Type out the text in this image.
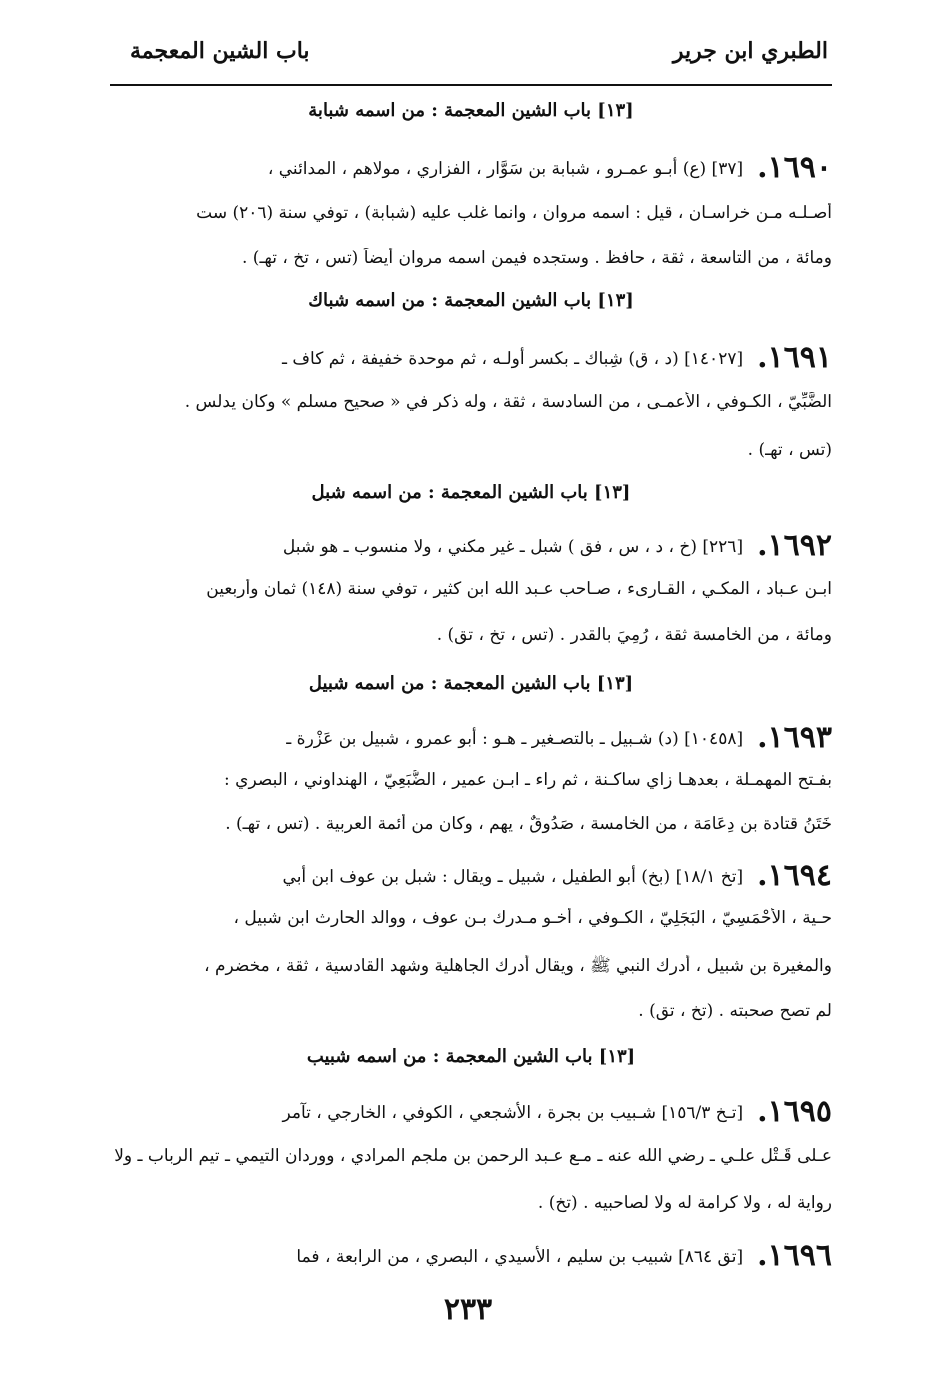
الطبري ابن جرير
باب الشين المعجمة
[١٣] باب الشين المعجمة : من اسمه شبابة
١٦٩٠.[٣٧] (ع) أبـو عمـرو ، شبابة بن سَوَّار ، الفزاري ، مولاهم ، المدائني ،
أصـلـه مـن خراسـان ، قيل : اسمه مروان ، وانما غلب عليه (شبابة) ، توفي سنة (٢٠٦) ست
ومائة ، من التاسعة ، ثقة ، حافظ . وستجده فيمن اسمه مروان أيضاً (تس ، تخ ، تهـ) .
[١٣] باب الشين المعجمة : من اسمه شباك
١٦٩١.[١٤٠٢٧] (د ، ق) شِباك ـ بكسر أولـه ، ثم موحدة خفيفة ، ثم كاف ـ
الضَّبِّيّ ، الكـوفي ، الأعمـى ، من السادسة ، ثقة ، وله ذكر في « صحيح مسلم » وكان يدلس .
(تس ، تهـ) .
[١٣] باب الشين المعجمة : من اسمه شبل
١٦٩٢.[٢٢٦] (خ ، د ، س ، فق ) شبل ـ غير مكني ، ولا منسوب ـ هو شبل
ابـن عـباد ، المكـي ، القـارىء ، صـاحب عـبد الله ابن كثير ، توفي سنة (١٤٨) ثمان وأربعين
ومائة ، من الخامسة ثقة ، رُمِيَ بالقدر . (تس ، تخ ، تق) .
[١٣] باب الشين المعجمة : من اسمه شبيل
١٦٩٣.[١٠٤٥٨] (د) شـبيل ـ بالتصـغير ـ هـو : أبو عمرو ، شبيل بن عَزْرة ـ
بفـتح المهمـلة ، بعدهـا زاي ساكـنة ، ثم راء ـ ابـن عمير ، الضُّبَعِيّ ، الهنداوني ، البصري :
خَتَنُ قتادة بن دِعَامَة ، من الخامسة ، صَدُوقٌ ، يهم ، وكان من أئمة العربية . (تس ، تهـ) .
١٦٩٤.[تخ ١٨/١] (بخ) أبو الطفيل ، شبيل ـ ويقال : شبل بن عوف ابن أبي
حـية ، الأَحْمَسِيّ ، البَجَلِيّ ، الكـوفي ، أخـو مـدرك بـن عوف ، ووالد الحارث ابن شبيل ،
والمغيرة بن شبيل ، أدرك النبي ﷺ ، ويقال أدرك الجاهلية وشهد القادسية ، ثقة ، مخضرم ،
لم تصح صحبته . (تخ ، تق) .
[١٣] باب الشين المعجمة : من اسمه شبيب
١٦٩٥.[تـخ ١٥٦/٣] شـبيب بن بجرة ، الأشجعي ، الكوفي ، الخارجي ، تآمر
عـلى قَـتْل علـي ـ رضي الله عنه ـ مـع عـبد الرحمن بن ملجم المرادي ، ووردان التيمي ـ تيم الرباب ـ ولا
رواية له ، ولا كرامة له ولا لصاحبيه . (تخ) .
١٦٩٦.[تق ٨٦٤] شبيب بن سليم ، الأسيدي ، البصري ، من الرابعة ، فما
٢٣٣
